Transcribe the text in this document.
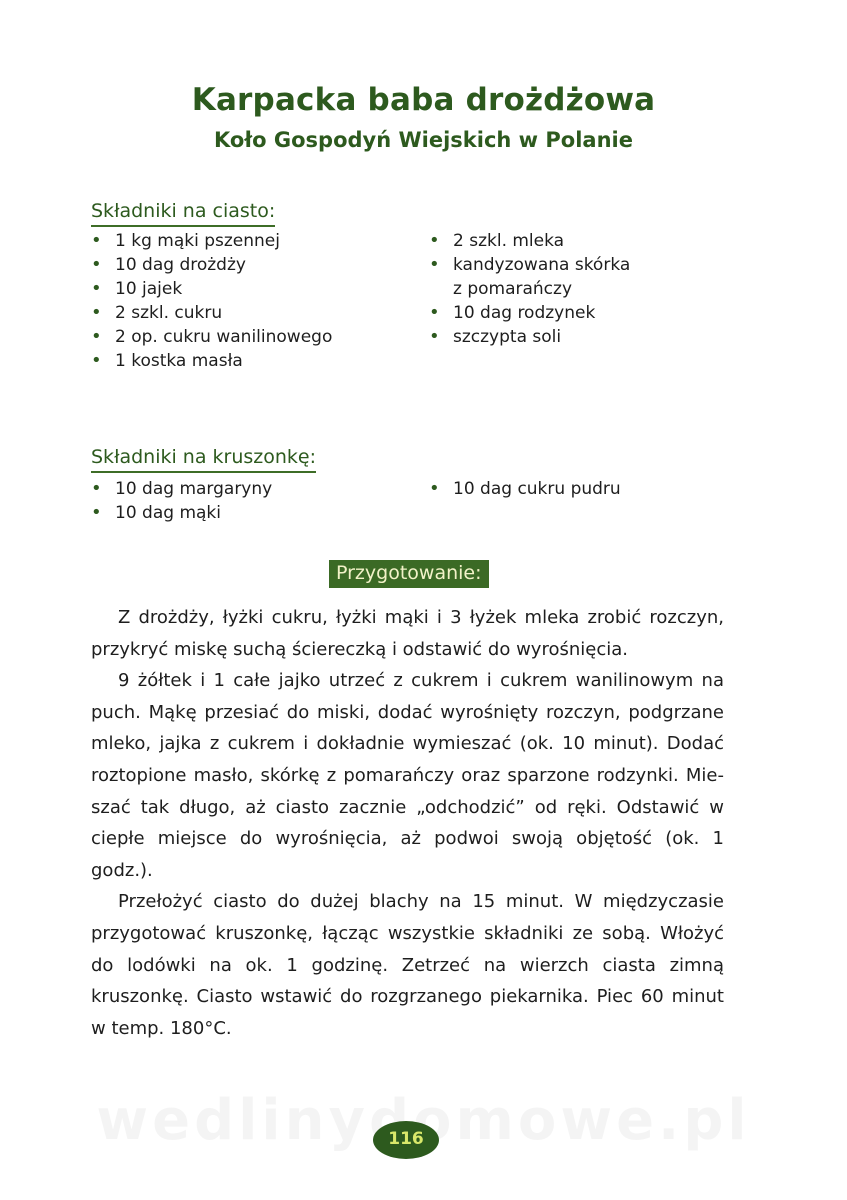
Karpacka baba drożdżowa
Koło Gospodyń Wiejskich w Polanie
Składniki na ciasto:
• 1 kg mąki pszennej
• 10 dag drożdży
• 10 jajek
• 2 szkl. cukru
• 2 op. cukru wanilinowego
• 1 kostka masła
• 2 szkl. mleka
• kandyzowana skórka
z pomarańczy
• 10 dag rodzynek
• szczypta soli
Składniki na kruszonkę:
• 10 dag margaryny
• 10 dag mąki
• 10 dag cukru pudru
Przygotowanie:

Z drożdży, łyżki cukru, łyżki mąki i 3 łyżek mleka zrobić rozczyn, przykryć miskę suchą ściereczką i odstawić do wyrośnięcia.

9 żółtek i 1 całe jajko utrzeć z cukrem i cukrem wanilinowym na puch. Mąkę przesiać do miski, dodać wyrośnięty rozczyn, podgrzane mleko, jajka z cukrem i dokładnie wymieszać (ok. 10 minut). Dodać roztopione masło, skórkę z pomarańczy oraz sparzone rodzynki. Mieszać tak długo, aż ciasto zacznie „odchodzić” od ręki. Odstawić w ciepłe miejsce do wyrośnięcia, aż podwoi swoją objętość (ok. 1 godz.).

Przełożyć ciasto do dużej blachy na 15 minut. W międzyczasie przygotować kruszonkę, łącząc wszystkie składniki ze sobą. Włożyć do lodówki na ok. 1 godzinę. Zetrzeć na wierzch ciasta zimną kruszonkę. Ciasto wstawić do rozgrzanego piekarnika. Piec 60 minut w temp. 180°C.

116
